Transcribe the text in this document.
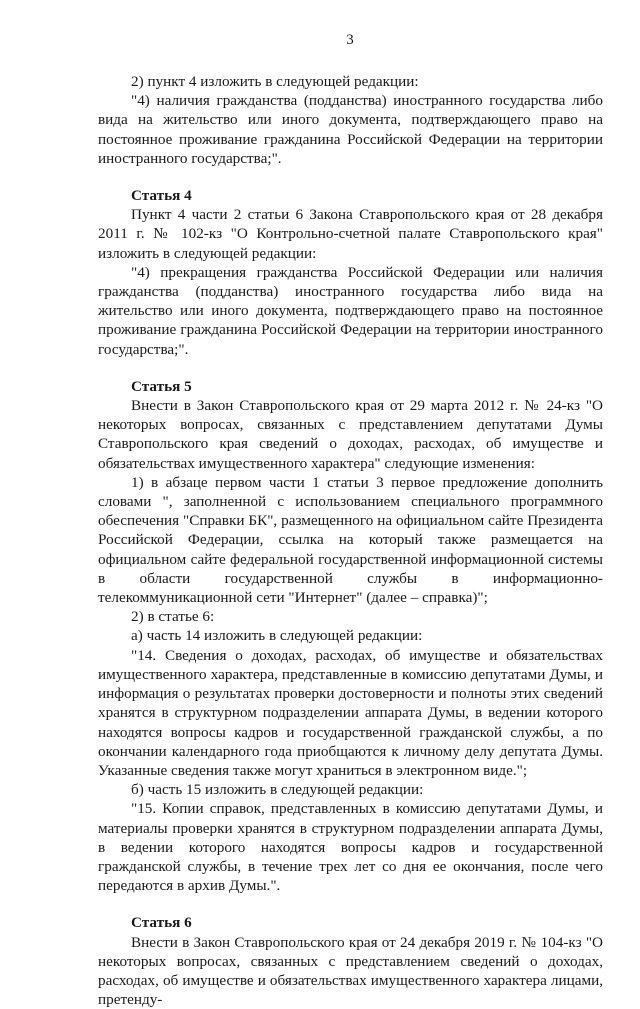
3

2) пункт 4 изложить в следующей редакции:

"4) наличия гражданства (подданства) иностранного государства либо вида на жительство или иного документа, подтверждающего право на постоянное проживание гражданина Российской Федерации на территории иностранного государства;".

Статья 4

Пункт 4 части 2 статьи 6 Закона Ставропольского края от 28 декабря 2011 г. № 102-кз "О Контрольно-счетной палате Ставропольского края" изложить в следующей редакции:

"4) прекращения гражданства Российской Федерации или наличия гражданства (подданства) иностранного государства либо вида на жительство или иного документа, подтверждающего право на постоянное проживание гражданина Российской Федерации на территории иностранного государства;".

Статья 5

Внести в Закон Ставропольского края от 29 марта 2012 г. № 24-кз "О некоторых вопросах, связанных с представлением депутатами Думы Ставропольского края сведений о доходах, расходах, об имуществе и обязательствах имущественного характера" следующие изменения:

1) в абзаце первом части 1 статьи 3 первое предложение дополнить словами ", заполненной с использованием специального программного обеспечения "Справки БК", размещенного на официальном сайте Президента Российской Федерации, ссылка на который также размещается на официальном сайте федеральной государственной информационной системы в области государственной службы в информационно-телекоммуникационной сети "Интернет" (далее – справка)";

2) в статье 6:

а) часть 14 изложить в следующей редакции:

"14. Сведения о доходах, расходах, об имуществе и обязательствах имущественного характера, представленные в комиссию депутатами Думы, и информация о результатах проверки достоверности и полноты этих сведений хранятся в структурном подразделении аппарата Думы, в ведении которого находятся вопросы кадров и государственной гражданской службы, а по окончании календарного года приобщаются к личному делу депутата Думы. Указанные сведения также могут храниться в электронном виде.";

б) часть 15 изложить в следующей редакции:

"15. Копии справок, представленных в комиссию депутатами Думы, и материалы проверки хранятся в структурном подразделении аппарата Думы, в ведении которого находятся вопросы кадров и государственной гражданской службы, в течение трех лет со дня ее окончания, после чего передаются в архив Думы.".

Статья 6

Внести в Закон Ставропольского края от 24 декабря 2019 г. № 104-кз "О некоторых вопросах, связанных с представлением сведений о доходах, расходах, об имуществе и обязательствах имущественного характера лицами, претенду-
